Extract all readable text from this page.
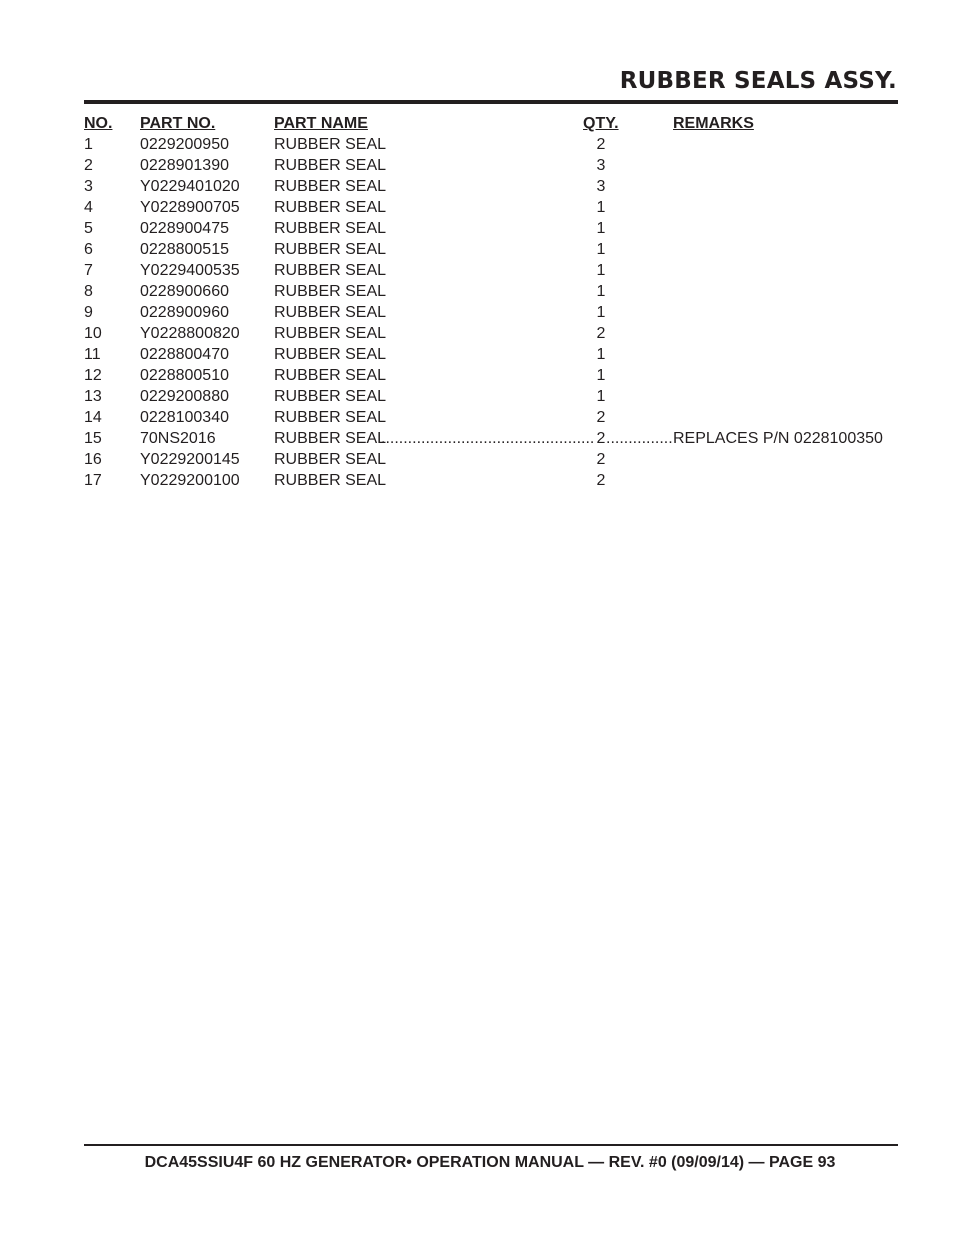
RUBBER SEALS ASSY.
NO. PART NO.	PART NAME	QTY.	REMARKS
1	0229200950	RUBBER SEAL	2
2	0228901390	RUBBER SEAL	3
3	Y0229401020 RUBBER SEAL	3
4	Y0228900705 RUBBER SEAL	1
5	0228900475	RUBBER SEAL	1
6	0228800515	RUBBER SEAL	1
7	Y0229400535 RUBBER SEAL	1
8	0228900660	RUBBER SEAL	1
9	0228900960	RUBBER SEAL	1
10 Y0228800820 RUBBER SEAL	2
11 0228800470	RUBBER SEAL	1
12 0228800510	RUBBER SEAL	1
13 0229200880	RUBBER SEAL	1
14 0228100340	RUBBER SEAL	2
15 70NS2016	RUBBER SEAL	2	REPLACES P/N 0228100350
.....
.....
16 Y0229200145 RUBBER SEAL	2
17 Y0229200100 RUBBER SEAL	2
DCA45SSIU4F 60 HZ GENERATOR• OPERATION MANUAL — REV. #0 (09/09/14) — PAGE 93
